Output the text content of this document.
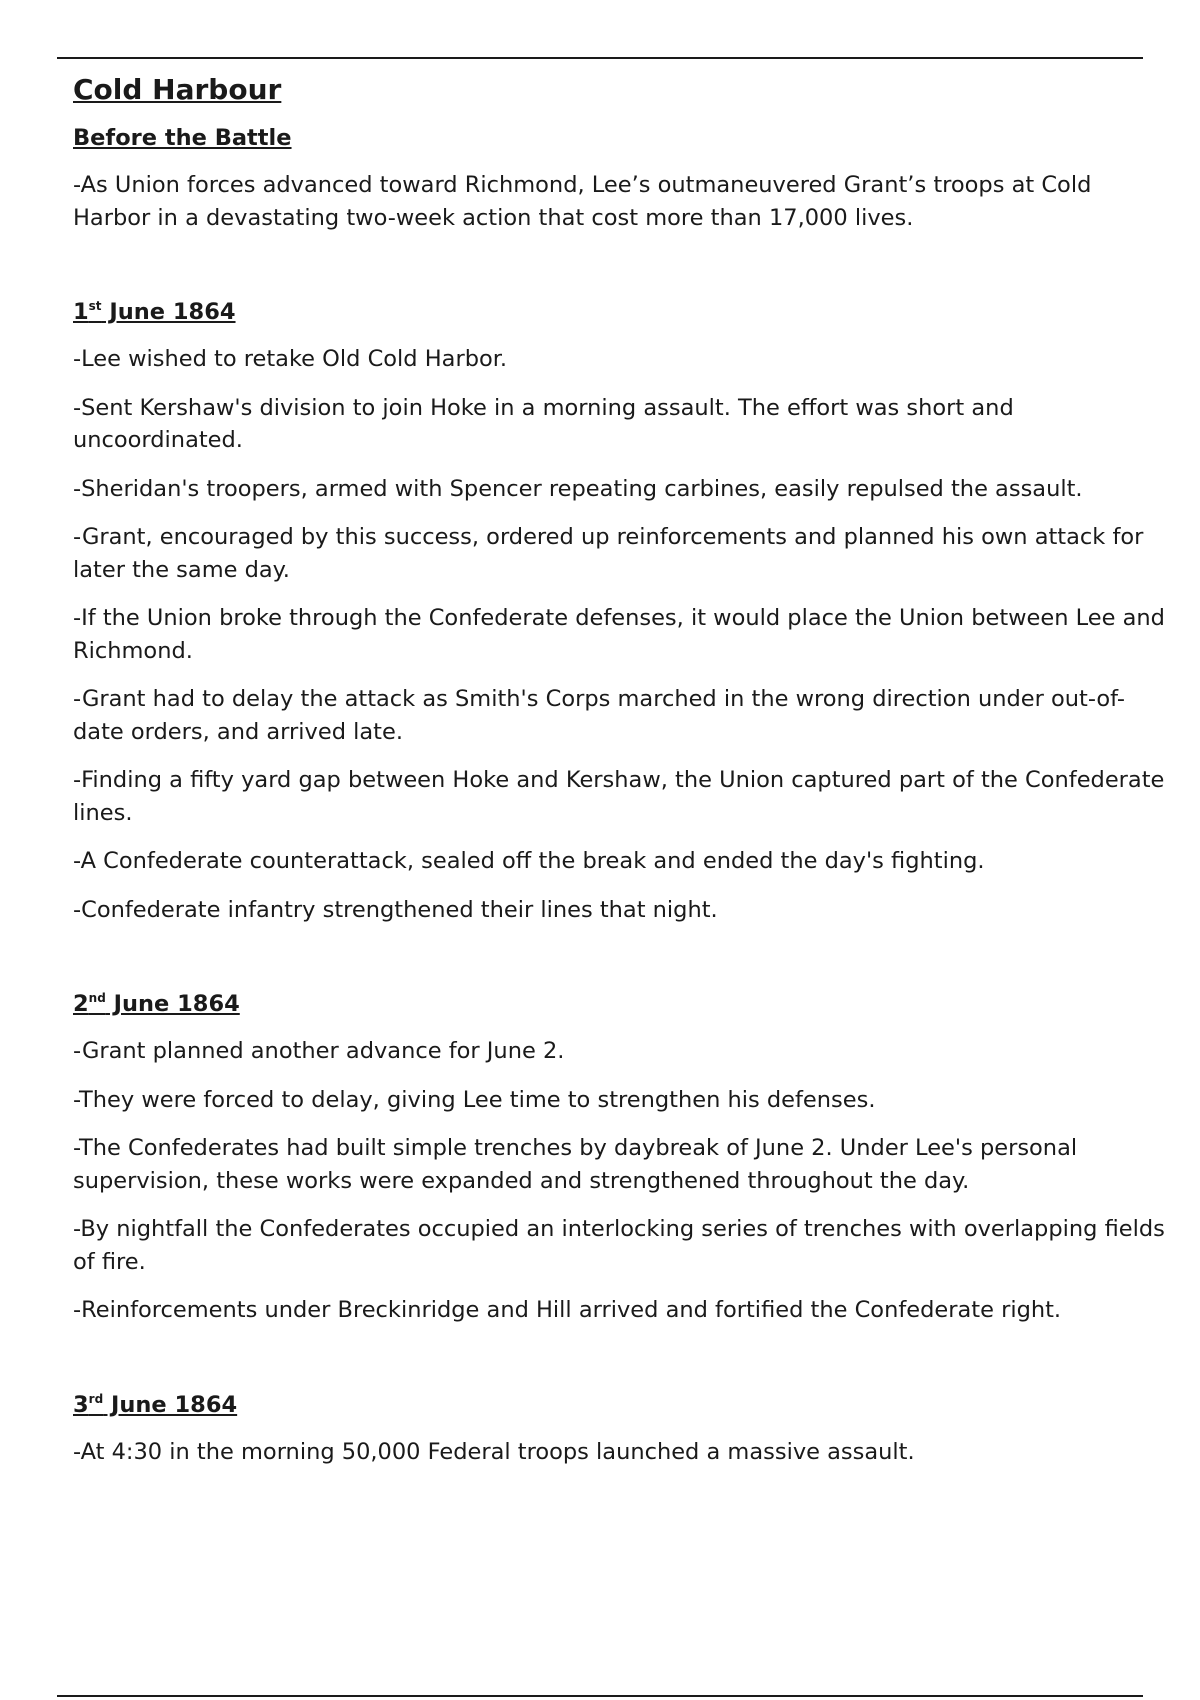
Cold Harbour
Before the Battle

-As Union forces advanced toward Richmond, Lee’s outmaneuvered Grant’s troops at Cold Harbor in a devastating two-week action that cost more than 17,000 lives.

1st June 1864

-Lee wished to retake Old Cold Harbor.

-Sent Kershaw's division to join Hoke in a morning assault. The effort was short and uncoordinated.

-Sheridan's troopers, armed with Spencer repeating carbines, easily repulsed the assault.

-Grant, encouraged by this success, ordered up reinforcements and planned his own attack for later the same day.

-If the Union broke through the Confederate defenses, it would place the Union between Lee and Richmond.

-Grant had to delay the attack as Smith's Corps marched in the wrong direction under out-of-date orders, and arrived late.

-Finding a fifty yard gap between Hoke and Kershaw, the Union captured part of the Confederate lines.

-A Confederate counterattack, sealed off the break and ended the day's fighting.

-Confederate infantry strengthened their lines that night.

2nd June 1864

-Grant planned another advance for June 2.

-They were forced to delay, giving Lee time to strengthen his defenses.

-The Confederates had built simple trenches by daybreak of June 2. Under Lee's personal supervision, these works were expanded and strengthened throughout the day.

-By nightfall the Confederates occupied an interlocking series of trenches with overlapping fields of fire.

-Reinforcements under Breckinridge and Hill arrived and fortified the Confederate right.

3rd June 1864

-At 4:30 in the morning 50,000 Federal troops launched a massive assault.
